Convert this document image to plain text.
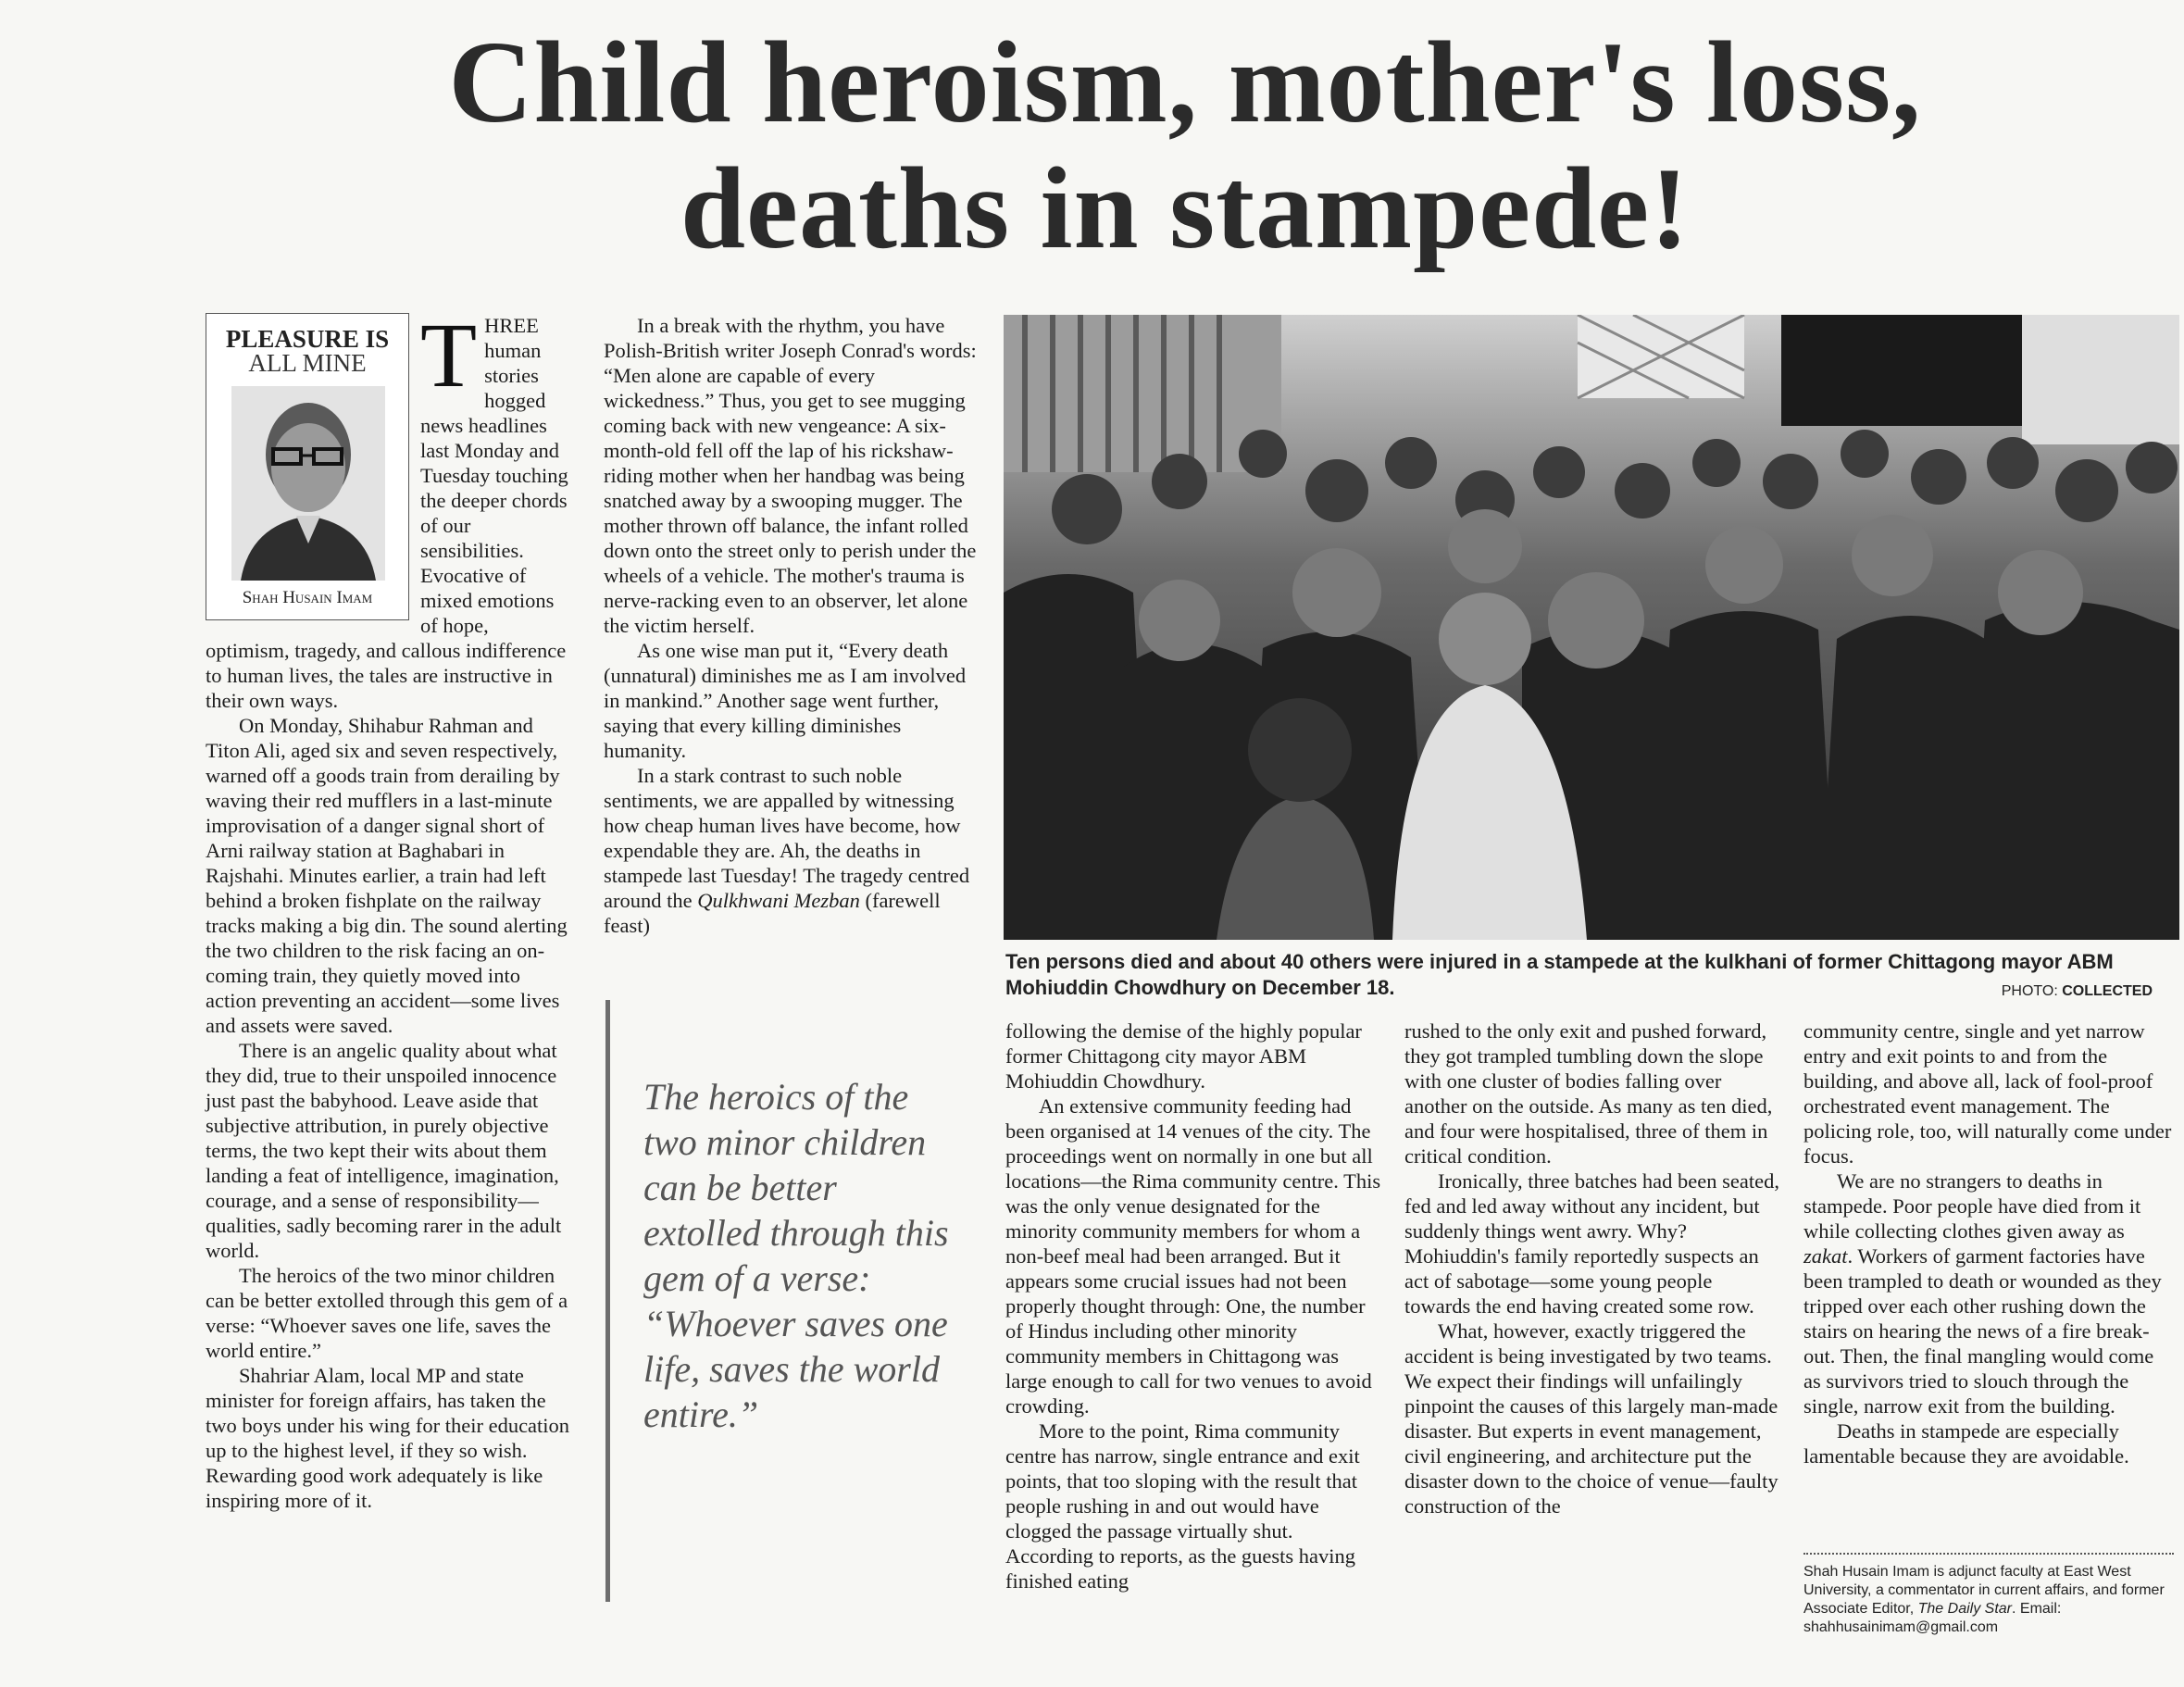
Child heroism, mother's loss,
deaths in stampede!
PLEASURE IS
ALL MINE
Shah Husain Imam

THREE human stories hogged news headlines last Monday and Tuesday touching the deeper chords of our sensibilities. Evocative of mixed emotions of hope, optimism, tragedy, and callous indifference to human lives, the tales are instructive in their own ways.

On Monday, Shihabur Rahman and Titon Ali, aged six and seven respectively, warned off a goods train from derailing by waving their red mufflers in a last-minute improvisation of a danger signal short of Arni railway station at Baghabari in Rajshahi. Minutes earlier, a train had left behind a broken fishplate on the railway tracks making a big din. The sound alerting the two children to the risk facing an on-coming train, they quietly moved into action preventing an accident—some lives and assets were saved.

There is an angelic quality about what they did, true to their unspoiled innocence just past the babyhood. Leave aside that subjective attribution, in purely objective terms, the two kept their wits about them landing a feat of intelligence, imagination, courage, and a sense of responsibility—qualities, sadly becoming rarer in the adult world.

The heroics of the two minor children can be better extolled through this gem of a verse: “Whoever saves one life, saves the world entire.”

Shahriar Alam, local MP and state minister for foreign affairs, has taken the two boys under his wing for their education up to the highest level, if they so wish. Rewarding good work adequately is like inspiring more of it.

In a break with the rhythm, you have Polish-British writer Joseph Conrad's words: “Men alone are capable of every wickedness.” Thus, you get to see mugging coming back with new vengeance: A six-month-old fell off the lap of his rickshaw-riding mother when her handbag was being snatched away by a swooping mugger. The mother thrown off balance, the infant rolled down onto the street only to perish under the wheels of a vehicle. The mother's trauma is nerve-racking even to an observer, let alone the victim herself.

As one wise man put it, “Every death (unnatural) diminishes me as I am involved in mankind.” Another sage went further, saying that every killing diminishes humanity.

In a stark contrast to such noble sentiments, we are appalled by witnessing how cheap human lives have become, how expendable they are. Ah, the deaths in stampede last Tuesday! The tragedy centred around the Qulkhwani Mezban (farewell feast)

The heroics of the two minor children can be better extolled through this gem of a verse: “Whoever saves one life, saves the world entire.”
Ten persons died and about 40 others were injured in a stampede at the kulkhani of former Chittagong mayor ABM Mohiuddin Chowdhury on December 18.	PHOTO: COLLECTED

following the demise of the highly popular former Chittagong city mayor ABM Mohiuddin Chowdhury.

An extensive community feeding had been organised at 14 venues of the city. The proceedings went on normally in one but all locations—the Rima community centre. This was the only venue designated for the minority community members for whom a non-beef meal had been arranged. But it appears some crucial issues had not been properly thought through: One, the number of Hindus including other minority community members in Chittagong was large enough to call for two venues to avoid crowding.

More to the point, Rima community centre has narrow, single entrance and exit points, that too sloping with the result that people rushing in and out would have clogged the passage virtually shut. According to reports, as the guests having finished eating

rushed to the only exit and pushed forward, they got trampled tumbling down the slope with one cluster of bodies falling over another on the outside. As many as ten died, and four were hospitalised, three of them in critical condition.

Ironically, three batches had been seated, fed and led away without any incident, but suddenly things went awry. Why? Mohiuddin's family reportedly suspects an act of sabotage—some young people towards the end having created some row.

What, however, exactly triggered the accident is being investigated by two teams. We expect their findings will unfailingly pinpoint the causes of this largely man-made disaster. But experts in event management, civil engineering, and architecture put the disaster down to the choice of venue—faulty construction of the

community centre, single and yet narrow entry and exit points to and from the building, and above all, lack of fool-proof orchestrated event management. The policing role, too, will naturally come under focus.

We are no strangers to deaths in stampede. Poor people have died from it while collecting clothes given away as zakat. Workers of garment factories have been trampled to death or wounded as they tripped over each other rushing down the stairs on hearing the news of a fire break-out. Then, the final mangling would come as survivors tried to slouch through the single, narrow exit from the building.

Deaths in stampede are especially lamentable because they are avoidable.

Shah Husain Imam is adjunct faculty at East West University, a commentator in current affairs, and former Associate Editor, The Daily Star. Email: shahhusainimam@gmail.com
